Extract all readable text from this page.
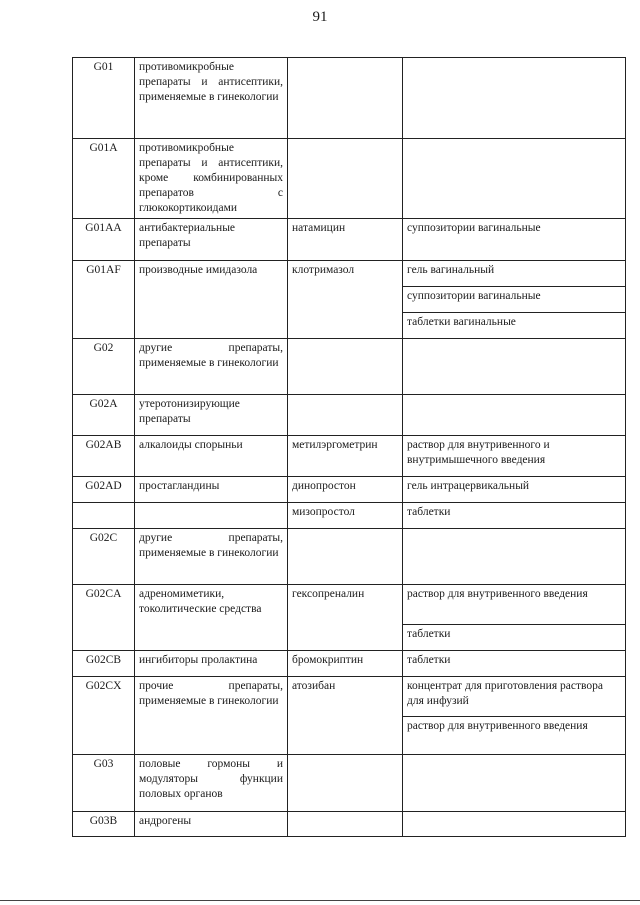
91
G01	противомикробные препараты и антисептики, применяемые в гинекологии		
G01A	противомикробные препараты и антисептики, кроме комбинированных препаратов с глюкокортикоидами		
G01AA	антибактериальные препараты	натамицин	суппозитории вагинальные
G01AF	производные имидазола	клотримазол	гель вагинальный
			суппозитории вагинальные
			таблетки вагинальные
G02	другие препараты, применяемые в гинекологии		
G02A	утеротонизирующие препараты		
G02AB	алкалоиды спорыньи	метилэргометрин	раствор для внутривенного и внутримышечного введения
G02AD	простагландины	динопростон	гель интрацервикальный
		мизопростол	таблетки
G02C	другие препараты, применяемые в гинекологии		
G02CA	адреномиметики, токолитические средства	гексопреналин	раствор для внутривенного введения
			таблетки
G02CB	ингибиторы пролактина	бромокриптин	таблетки
G02CX	прочие препараты, применяемые в гинекологии	атозибан	концентрат для приготовления раствора для инфузий
			раствор для внутривенного введения
G03	половые гормоны и модуляторы функции половых органов		
G03B	андрогены		
